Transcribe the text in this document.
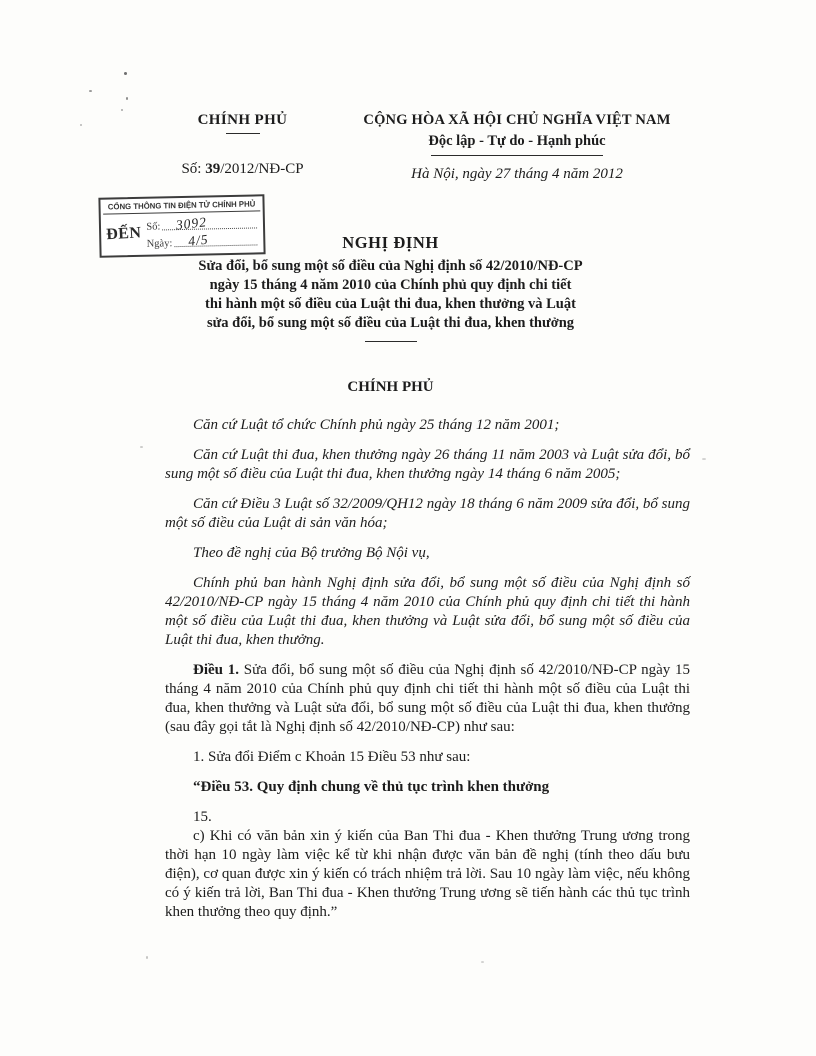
CHÍNH PHỦ
Số: 39/2012/NĐ-CP
CỘNG HÒA XÃ HỘI CHỦ NGHĨA VIỆT NAM
Độc lập - Tự do - Hạnh phúc
Hà Nội, ngày 27 tháng 4 năm 2012
CỔNG THÔNG TIN ĐIỆN TỬ CHÍNH PHỦ
ĐẾN Số: 3092
Ngày: 4/5	NGHỊ ĐỊNH
Sửa đổi, bổ sung một số điều của Nghị định số 42/2010/NĐ-CP
ngày 15 tháng 4 năm 2010 của Chính phủ quy định chi tiết
thi hành một số điều của Luật thi đua, khen thưởng và Luật
sửa đổi, bổ sung một số điều của Luật thi đua, khen thưởng
CHÍNH PHỦ

Căn cứ Luật tổ chức Chính phủ ngày 25 tháng 12 năm 2001;

Căn cứ Luật thi đua, khen thưởng ngày 26 tháng 11 năm 2003 và Luật sửa đổi, bổ sung một số điều của Luật thi đua, khen thưởng ngày 14 tháng 6 năm 2005;

Căn cứ Điều 3 Luật số 32/2009/QH12 ngày 18 tháng 6 năm 2009 sửa đổi, bổ sung một số điều của Luật di sản văn hóa;

Theo đề nghị của Bộ trưởng Bộ Nội vụ,

Chính phủ ban hành Nghị định sửa đổi, bổ sung một số điều của Nghị định số 42/2010/NĐ-CP ngày 15 tháng 4 năm 2010 của Chính phủ quy định chi tiết thi hành một số điều của Luật thi đua, khen thưởng và Luật sửa đổi, bổ sung một số điều của Luật thi đua, khen thưởng.

Điều 1. Sửa đổi, bổ sung một số điều của Nghị định số 42/2010/NĐ-CP ngày 15 tháng 4 năm 2010 của Chính phủ quy định chi tiết thi hành một số điều của Luật thi đua, khen thưởng và Luật sửa đổi, bổ sung một số điều của Luật thi đua, khen thưởng (sau đây gọi tắt là Nghị định số 42/2010/NĐ-CP) như sau:

1. Sửa đổi Điểm c Khoản 15 Điều 53 như sau:

“Điều 53. Quy định chung về thủ tục trình khen thưởng

15.

c) Khi có văn bản xin ý kiến của Ban Thi đua - Khen thưởng Trung ương trong thời hạn 10 ngày làm việc kể từ khi nhận được văn bản đề nghị (tính theo dấu bưu điện), cơ quan được xin ý kiến có trách nhiệm trả lời. Sau 10 ngày làm việc, nếu không có ý kiến trả lời, Ban Thi đua - Khen thưởng Trung ương sẽ tiến hành các thủ tục trình khen thưởng theo quy định.”
